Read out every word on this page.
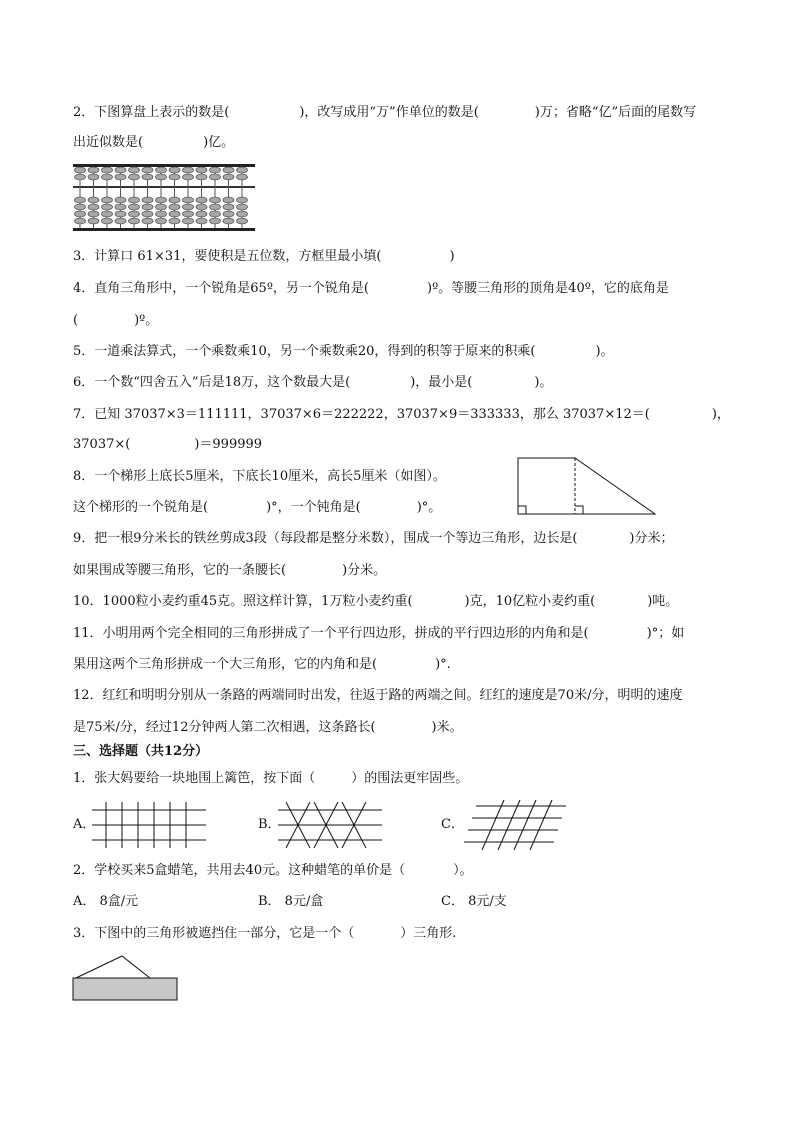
2．下图算盘上表示的数是(	)，改写成用“万”作单位的数是(	)万；省略“亿”后面的尾数写
出近似数是(	)亿。
3．计算口 61×31，要使积是五位数，方框里最小填(	)
4．直角三角形中，一个锐角是65º，另一个锐角是(	)º。等腰三角形的顶角是40º，它的底角是
(	)º。
5．一道乘法算式，一个乘数乘10，另一个乘数乘20，得到的积等于原来的积乘(	)。
6．一个数“四舍五入”后是18万，这个数最大是(	)，最小是(	)。
7．已知 37037×3＝111111，37037×6＝222222，37037×9＝333333，那么 37037×12＝(	)，
37037×(	)＝999999
8．一个梯形上底长5厘米，下底长10厘米，高长5厘米（如图）。
这个梯形的一个锐角是(	)°，一个钝角是(	)°。
9．把一根9分米长的铁丝剪成3段（每段都是整分米数），围成一个等边三角形，边长是(	)分米；
如果围成等腰三角形，它的一条腰长(	)分米。
10．1000粒小麦约重45克。照这样计算，1万粒小麦约重(	)克，10亿粒小麦约重(	)吨。
11．小明用两个完全相同的三角形拼成了一个平行四边形，拼成的平行四边形的内角和是(	)°；如
果用这两个三角形拼成一个大三角形，它的内角和是(	)°.
12．红红和明明分别从一条路的两端同时出发，往返于路的两端之间。红红的速度是70米/分，明明的速度
是75米/分，经过12分钟两人第二次相遇，这条路长(	)米。
三、选择题（共12分）
1．张大妈要给一块地围上篱笆，按下面（	）的围法更牢固些。
A．	B．	C．
2．学校买来5盒蜡笔，共用去40元。这种蜡笔的单价是（	）。
A． 8盒/元	B． 8元/盒	C． 8元/支
3．下图中的三角形被遮挡住一部分，它是一个（	）三角形.
